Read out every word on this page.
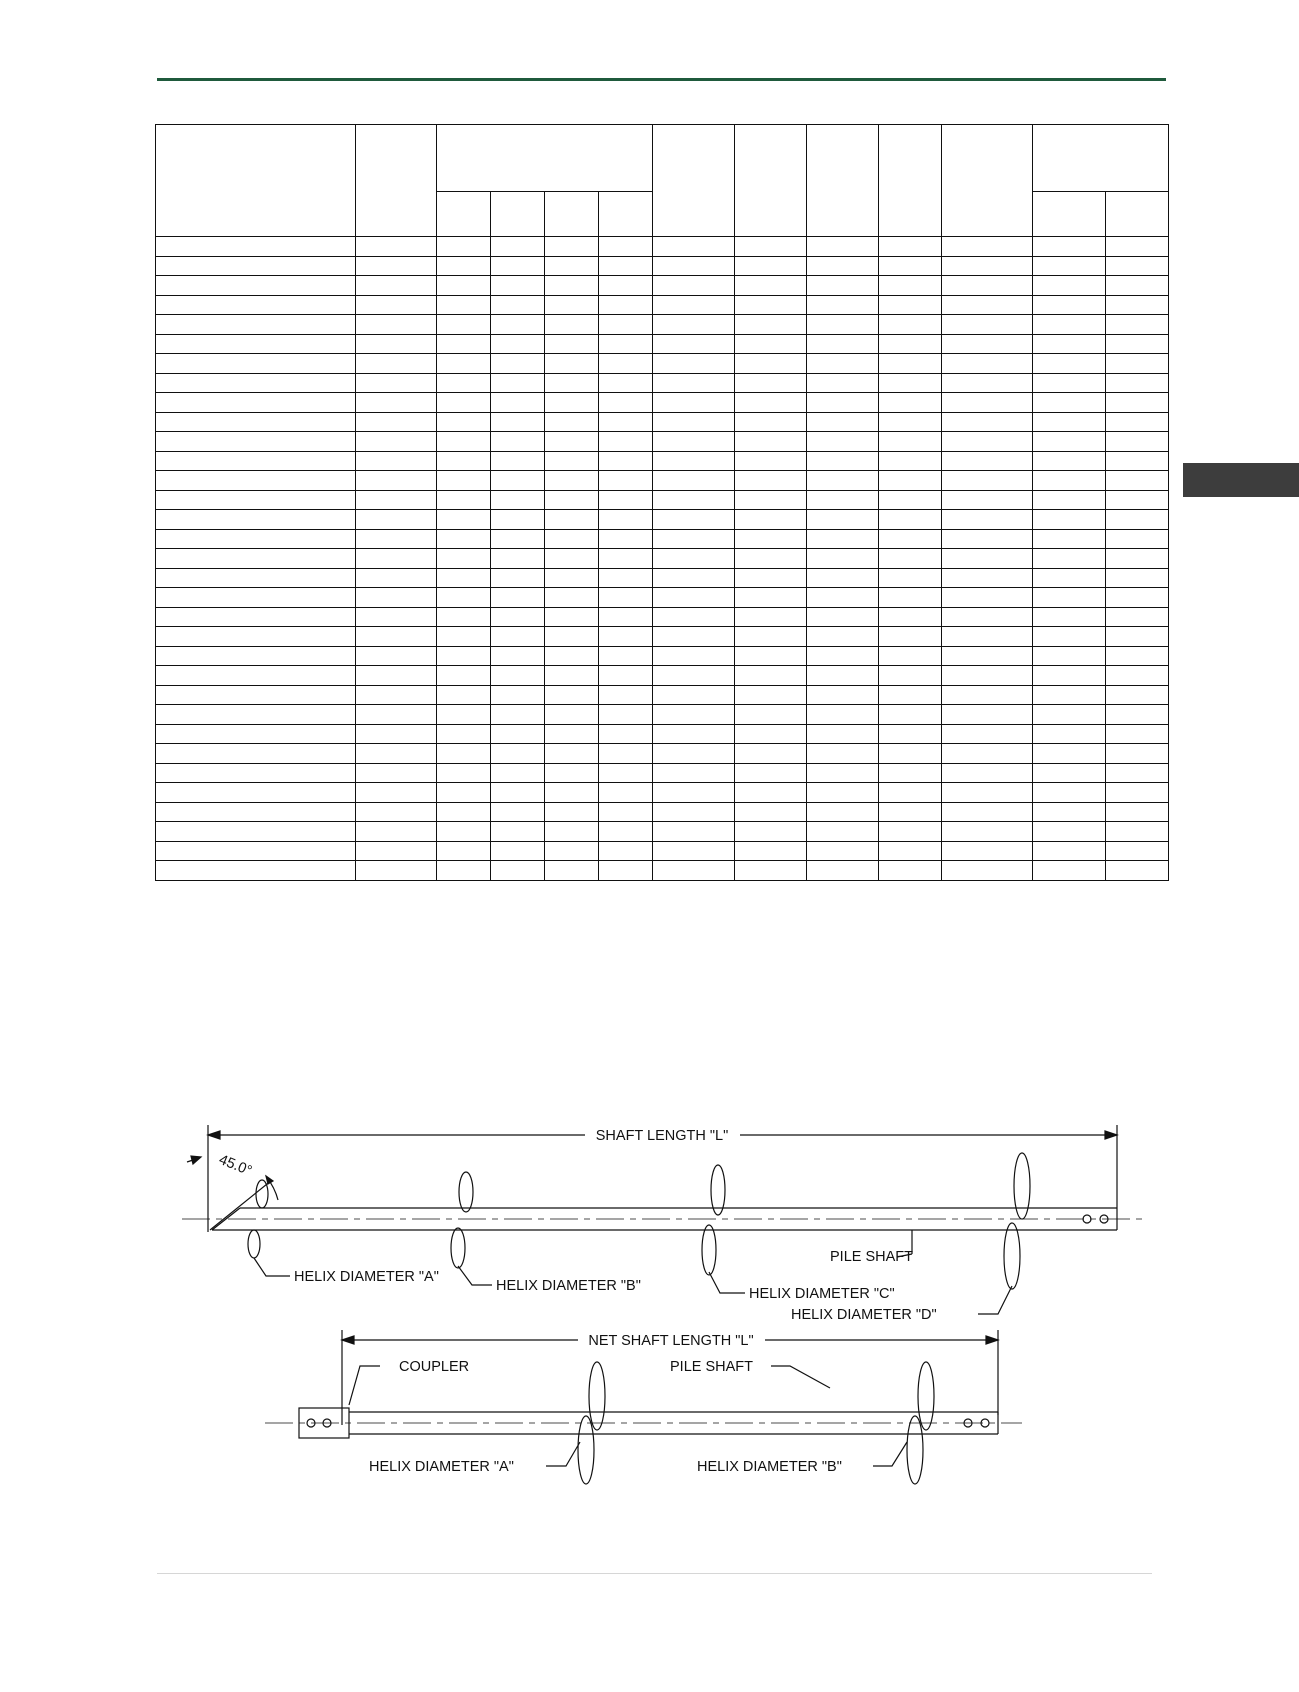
SHAFT LENGTH "L"
45.0°
PILE SHAFT
HELIX DIAMETER "A"
HELIX DIAMETER "B"	HELIX DIAMETER "C"
HELIX DIAMETER "D"
NET SHAFT LENGTH "L"
COUPLER	PILE SHAFT
HELIX DIAMETER "A"	HELIX DIAMETER "B"
